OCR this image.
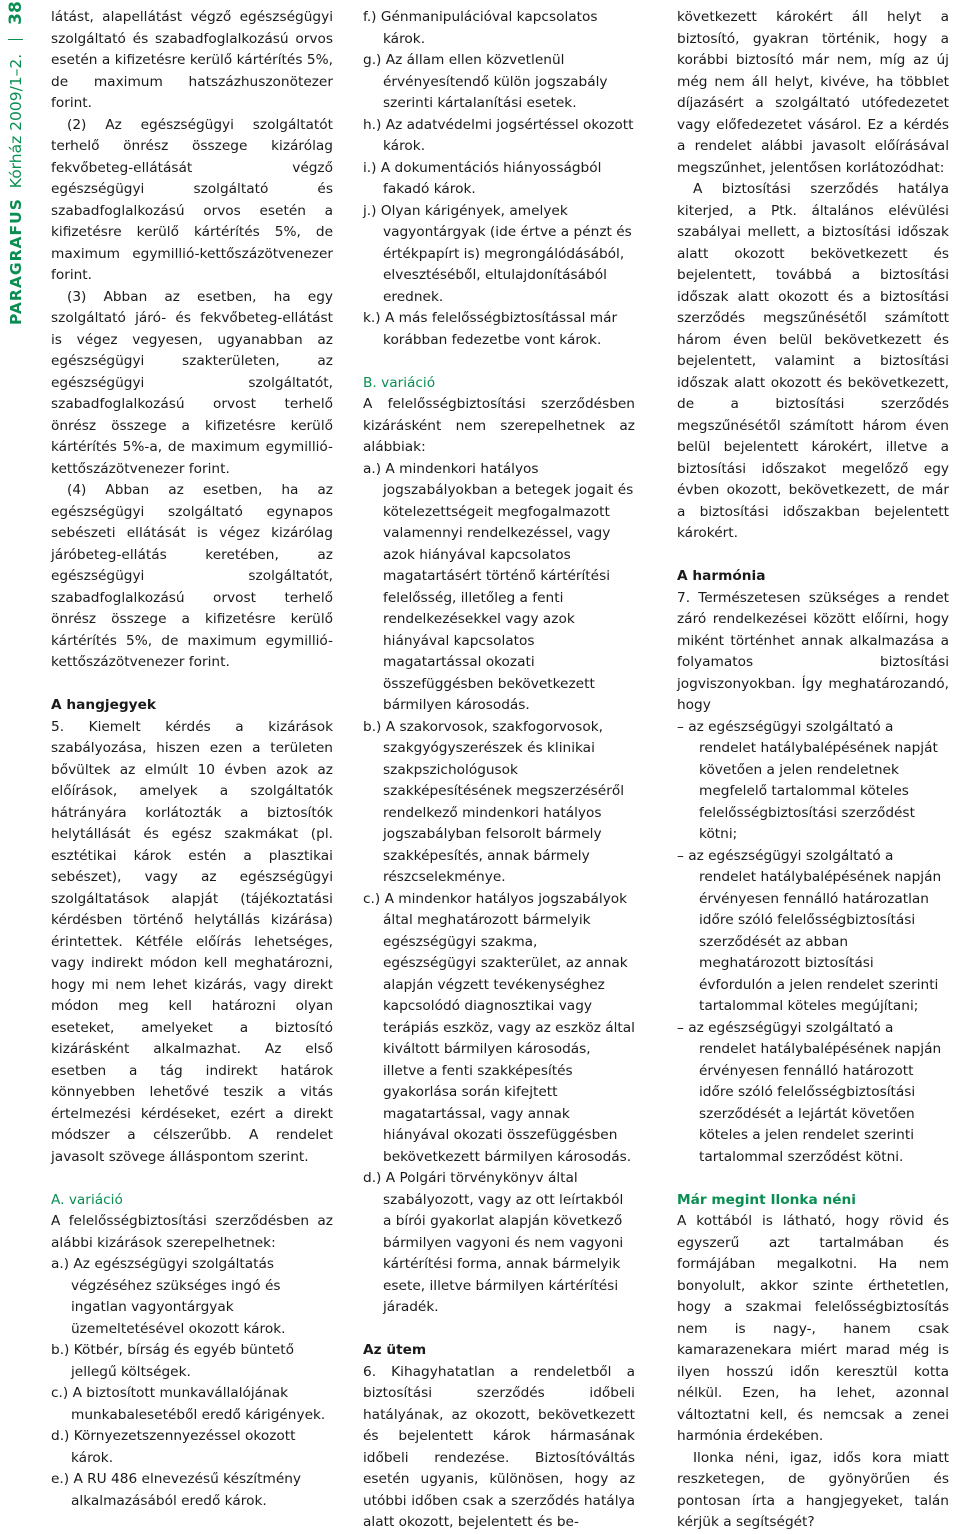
PARAGRAFUS Kórház 2009/1–2.  38 látást, alapellátást végző egészségügyi szolgáltató és szabadfoglalkozású orvos esetén a kifizetésre kerülő kártérítés 5%, de maximum hatszázhuszonötezer forint.

(2) Az egészségügyi szolgáltatót terhelő önrész összege kizárólag fekvőbeteg-ellátását végző egészségügyi szolgáltató és szabadfoglalkozású orvos esetén a kifizetésre kerülő kártérítés 5%, de maximum egymillió-kettőszázötvenezer forint.

(3) Abban az esetben, ha egy szolgáltató járó- és fekvőbeteg-ellátást is végez vegyesen, ugyanabban az egészségügyi szakterületen, az egészségügyi szolgáltatót, szabadfoglalkozású orvost terhelő önrész összege a kifizetésre kerülő kártérítés 5%-a, de maximum egymillió-kettőszázötvenezer forint.

(4) Abban az esetben, ha az egészségügyi szolgáltató egynapos sebészeti ellátását is végez kizárólag járóbeteg-ellátás keretében, az egészségügyi szolgáltatót, szabadfoglalkozású orvost terhelő önrész összege a kifizetésre kerülő kártérítés 5%, de maximum egymillió-kettőszázötvenezer forint.

A hangjegyek

5. Kiemelt kérdés a kizárások szabályozása, hiszen ezen a területen bővültek az elmúlt 10 évben azok az előírások, amelyek a szolgáltatók hátrányára korlátozták a biztosítók helytállását és egész szakmákat (pl. esztétikai károk estén a plasztikai sebészet), vagy az egészségügyi szolgáltatások alapját (tájékoztatási kérdésben történő helytállás kizárása) érintettek. Kétféle előírás lehetséges, vagy indirekt módon kell meghatározni, hogy mi nem lehet kizárás, vagy direkt módon meg kell határozni olyan eseteket, amelyeket a biztosító kizárásként alkalmazhat. Az első esetben a tág indirekt határok könnyebben lehetővé teszik a vitás értelmezési kérdéseket, ezért a direkt módszer a célszerűbb. A rendelet javasolt szövege álláspontom szerint.

A. variáció

A felelősségbiztosítási szerződésben az alábbi kizárások szerepelhetnek:

a.) Az egészségügyi szolgáltatás végzéséhez szükséges ingó és ingatlan vagyontárgyak üzemeltetésével okozott károk.

b.) Kötbér, bírság és egyéb büntető jellegű költségek.

c.) A biztosított munkavállalójának munkabalesetéből eredő kárigények.

d.) Környezetszennyezéssel okozott károk.

e.) A RU 486 elnevezésű készítmény alkalmazásából eredő károk.

f.) Génmanipulációval kapcsolatos károk.

g.) Az állam ellen közvetlenül érvényesítendő külön jogszabály szerinti kártalanítási esetek.

h.) Az adatvédelmi jogsértéssel okozott károk.

i.) A dokumentációs hiányosságból fakadó károk.

j.) Olyan kárigények, amelyek vagyontárgyak (ide értve a pénzt és értékpapírt is) megrongálódásából, elvesztéséből, eltulajdonításából erednek.

k.) A más felelősségbiztosítással már korábban fedezetbe vont károk.

B. variáció

A felelősségbiztosítási szerződésben kizárásként nem szerepelhetnek az alábbiak:

a.) A mindenkori hatályos jogszabályokban a betegek jogait és kötelezettségeit megfogalmazott valamennyi rendelkezéssel, vagy azok hiányával kapcsolatos magatartásért történő kártérítési felelősség, illetőleg a fenti rendelkezésekkel vagy azok hiányával kapcsolatos magatartással okozati összefüggésben bekövetkezett bármilyen károsodás.

b.) A szakorvosok, szakfogorvosok, szakgyógyszerészek és klinikai szakpszichológusok szakképesítésének megszerzéséről rendelkező mindenkori hatályos jogszabályban felsorolt bármely szakképesítés, annak bármely részcselekménye.

c.) A mindenkor hatályos jogszabályok által meghatározott bármelyik egészségügyi szakma, egészségügyi szakterület, az annak alapján végzett tevékenységhez kapcsolódó diagnosztikai vagy terápiás eszköz, vagy az eszköz által kiváltott bármilyen károsodás, illetve a fenti szakképesítés gyakorlása során kifejtett magatartással, vagy annak hiányával okozati összefüggésben bekövetkezett bármilyen károsodás.

d.) A Polgári törvénykönyv által szabályozott, vagy az ott leírtakból a bírói gyakorlat alapján következő bármilyen vagyoni és nem vagyoni kártérítési forma, annak bármelyik esete, illetve bármilyen kártérítési járadék.

Az ütem

6. Kihagyhatatlan a rendeletből a biztosítási szerződés időbeli hatályának, az okozott, bekövetkezett és bejelentett károk hármasának időbeli rendezése. Biztosítóváltás esetén ugyanis, különösen, hogy az utóbbi időben csak a szerződés hatálya alatt okozott, bejelentett és be-

következett károkért áll helyt a biztosító, gyakran történik, hogy a korábbi biztosító már nem, míg az új még nem áll helyt, kivéve, ha többlet díjazásért a szolgáltató utófedezetet vagy előfedezetet vásárol. Ez a kérdés a rendelet alábbi javasolt előírásával megszűnhet, jelentősen korlátozódhat:

A biztosítási szerződés hatálya kiterjed, a Ptk. általános elévülési szabályai mellett, a biztosítási időszak alatt okozott bekövetkezett és bejelentett, továbbá a biztosítási időszak alatt okozott és a biztosítási szerződés megszűnésétől számított három éven belül bekövetkezett és bejelentett, valamint a biztosítási időszak alatt okozott és bekövetkezett, de a biztosítási szerződés megszűnésétől számított három éven belül bejelentett károkért, illetve a biztosítási időszakot megelőző egy évben okozott, bekövetkezett, de már a biztosítási időszakban bejelentett károkért.

A harmónia

7. Természetesen szükséges a rendet záró rendelkezései között előírni, hogy miként történhet annak alkalmazása a folyamatos biztosítási jogviszonyokban. Így meghatározandó, hogy

– az egészségügyi szolgáltató a rendelet hatálybalépésének napját követően a jelen rendeletnek megfelelő tartalommal köteles felelősségbiztosítási szerződést kötni;

– az egészségügyi szolgáltató a rendelet hatálybalépésének napján érvényesen fennálló határozatlan időre szóló felelősségbiztosítási szerződését az abban meghatározott biztosítási évfordulón a jelen rendelet szerinti tartalommal köteles megújítani;

– az egészségügyi szolgáltató a rendelet hatálybalépésének napján érvényesen fennálló határozott időre szóló felelősségbiztosítási szerződését a lejártát követően köteles a jelen rendelet szerinti tartalommal szerződést kötni.

Már megint Ilonka néni

A kottából is látható, hogy rövid és egyszerű azt tartalmában és formájában megalkotni. Ha nem bonyolult, akkor szinte érthetetlen, hogy a szakmai felelősségbiztosítás nem is nagy-, hanem csak kamarazenekara miért marad még is ilyen hosszú időn keresztül kotta nélkül. Ezen, ha lehet, azonnal változtatni kell, és nemcsak a zenei harmónia érdekében.

Ilonka néni, igaz, idős kora miatt reszketegen, de gyönyörűen és pontosan írta a hangjegyeket, talán kérjük a segítségét?
